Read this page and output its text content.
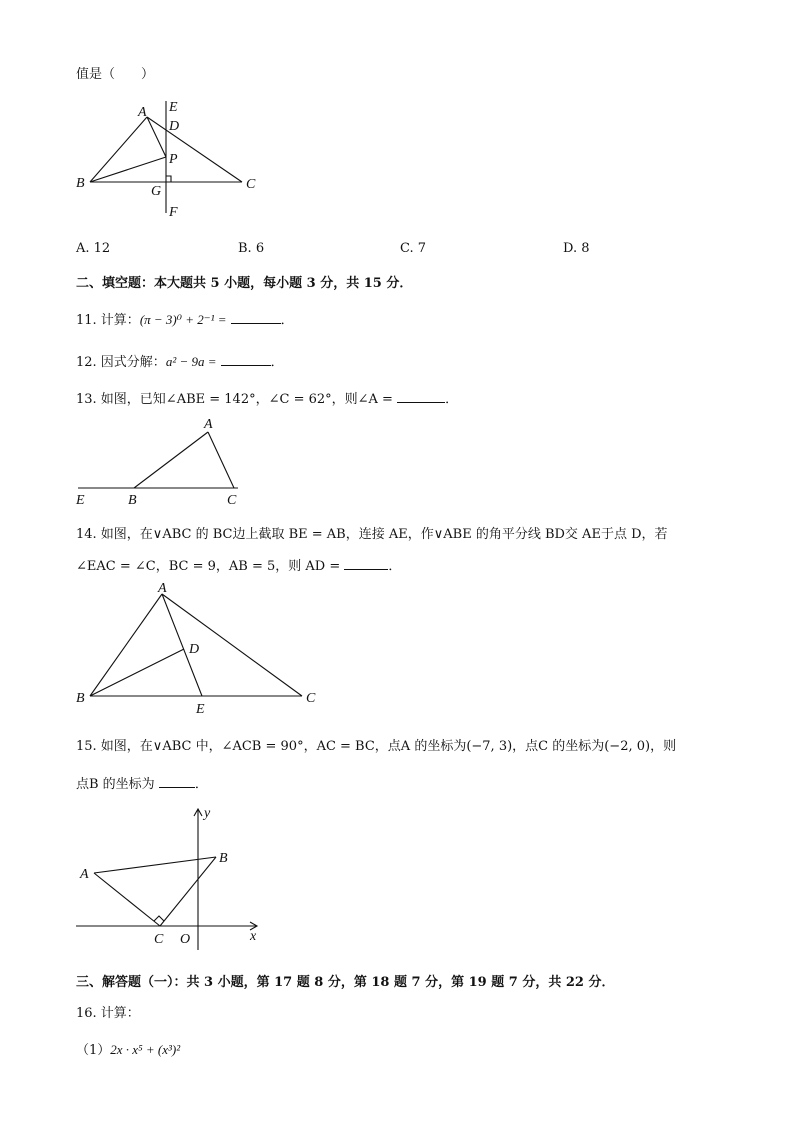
值是（　　）
A E
D
P
B
G	C
F
A. 12	B. 6	C. 7	D. 8
二、填空题：本大题共 5 小题，每小题 3 分，共 15 分．
11. 计算：(π − 3)⁰ + 2⁻¹ =	．
12. 因式分解：a² − 9a =	．
13. 如图，已知∠ABE = 142°，∠C = 62°，则∠A =	．
A
E	B	C
14. 如图，在∨ABC 的 BC边上截取 BE = AB，连接 AE，作∨ABE 的角平分线 BD交 AE于点 D，若
∠EAC = ∠C，BC = 9，AB = 5，则 AD =	．
A
D
B
E
C
15. 如图，在∨ABC 中，∠ACB = 90°，AC = BC，点A 的坐标为(−7, 3)，点C 的坐标为(−2, 0)，则
点B 的坐标为	．
y
A
B
C O	x
三、解答题（一）：共 3 小题，第 17 题 8 分，第 18 题 7 分，第 19 题 7 分，共 22 分．
16. 计算：
（1）2x · x⁵ + (x³)²
